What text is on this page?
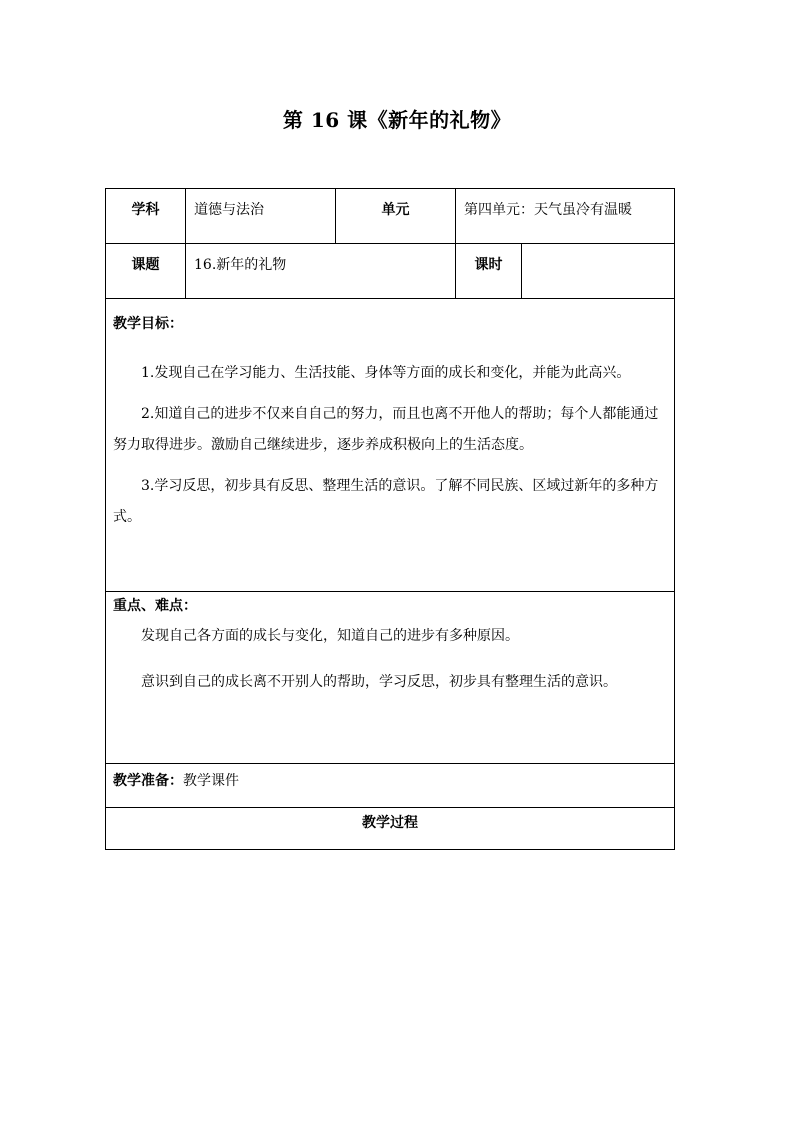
第 16 课《新年的礼物》
学科	道德与法治	单元	第四单元：天气虽冷有温暖	
课题	16.新年的礼物		课时	

教学目标：

1.发现自己在学习能力、生活技能、身体等方面的成长和变化，并能为此高兴。

2.知道自己的进步不仅来自自己的努力，而且也离不开他人的帮助；每个人都能通过努力取得进步。激励自己继续进步，逐步养成积极向上的生活态度。

3.学习反思，初步具有反思、整理生活的意识。了解不同民族、区域过新年的多种方式。				

重点、难点：

发现自己各方面的成长与变化，知道自己的进步有多种原因。

意识到自己的成长离不开别人的帮助，学习反思，初步具有整理生活的意识。				

教学准备：教学课件				
教学过程				
